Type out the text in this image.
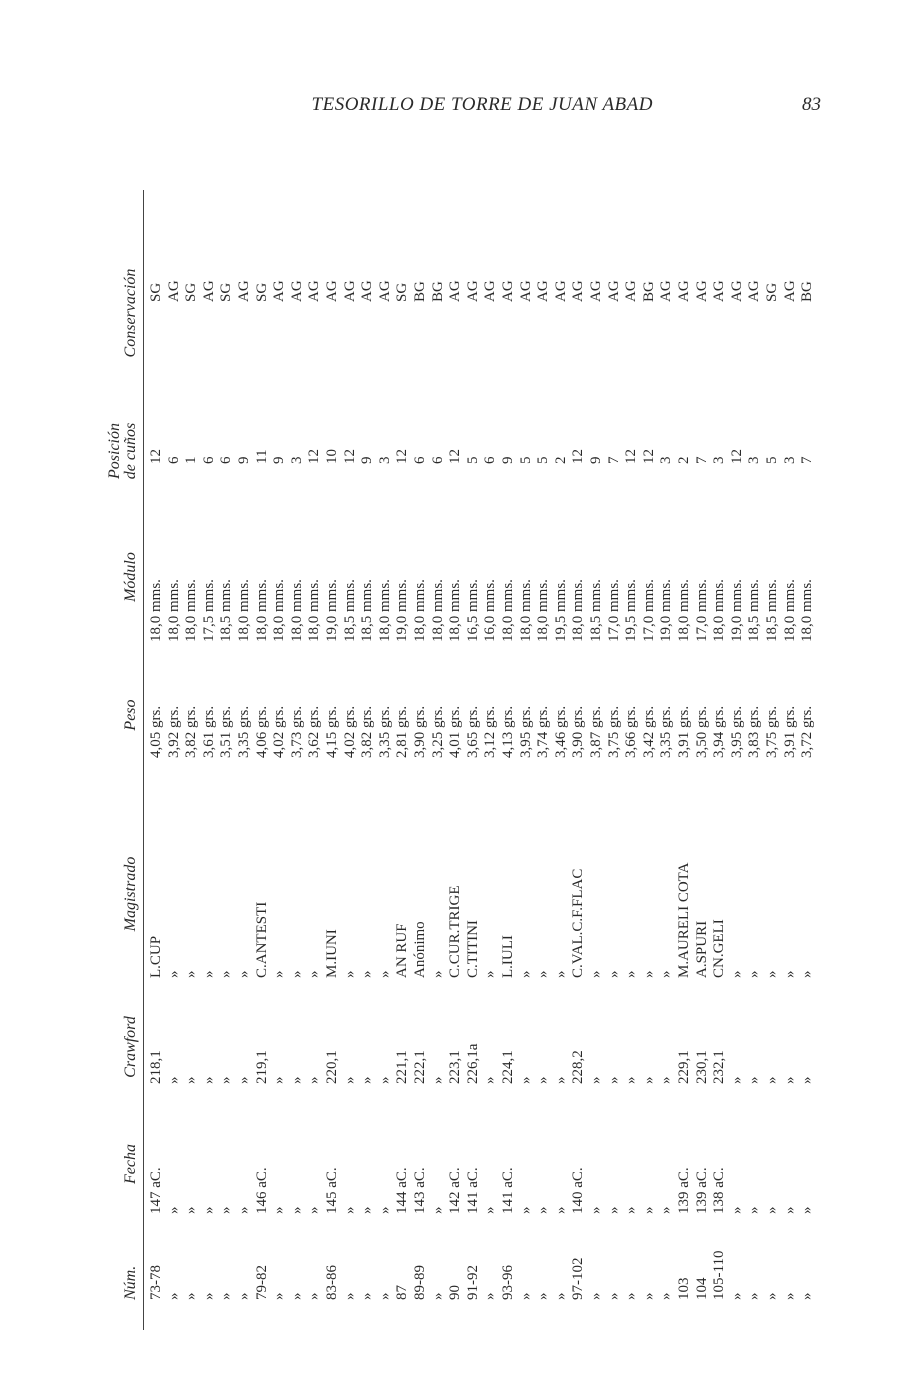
TESORILLO DE TORRE DE JUAN ABAD	83
Núm.
Fecha
Crawford
Magistrado
Peso
Módulo
Posición de cuños
Conservación
73-78
147 aC.
218,1
L.CUP
4,05 grs.
18,0 mms.
12
SG
»
»
»
»
3,92 grs.
18,0 mms.
6
AG
»
»
»
»
3,82 grs.
18,0 mms.
1
SG
»
»
»
»
3,61 grs.
17,5 mms.
6
AG
»
»
»
»
3,51 grs.
18,5 mms.
6
SG
»
»
»
»
3,35 grs.
18,0 mms.
9
AG
79-82
146 aC.
219,1
C.ANTESTI
4,06 grs.
18,0 mms.
11
SG
»
»
»
»
4,02 grs.
18,0 mms.
9
AG
»
»
»
»
3,73 grs.
18,0 mms.
3
AG
»
»
»
»
3,62 grs.
18,0 mms.
12
AG
83-86
145 aC.
220,1
M.IUNI
4,15 grs.
19,0 mms.
10
AG
»
»
»
»
4,02 grs.
18,5 mms.
12
AG
»
»
»
»
3,82 grs.
18,5 mms.
9
AG
»
»
»
»
3,35 grs.
18,0 mms.
3
AG
87
144 aC.
221,1
AN RUF
2,81 grs.
19,0 mms.
12
SG
89-89
143 aC.
222,1
Anónimo
3,90 grs.
18,0 mms.
6
BG
»
»
»
»
3,25 grs.
18,0 mms.
6
BG
90
142 aC.
223,1
C.CUR.TRIGE
4,01 grs.
18,0 mms.
12
AG
91-92
141 aC.
226,1a
C.TITINI
3,65 grs.
16,5 mms.
5
AG
»
»
»
»
3,12 grs.
16,0 mms.
6
AG
93-96
141 aC.
224,1
L.IULI
4,13 grs.
18,0 mms.
9
AG
»
»
»
»
3,95 grs.
18,0 mms.
5
AG
»
»
»
»
3,74 grs.
18,0 mms.
5
AG
»
»
»
»
3,46 grs.
19,5 mms.
2
AG
97-102
140 aC.
228,2
C.VAL.C.F.FLAC
3,90 grs.
18,0 mms.
12
AG
»
»
»
»
3,87 grs.
18,5 mms.
9
AG
»
»
»
»
3,75 grs.
17,0 mms.
7
AG
»
»
»
»
3,66 grs.
19,5 mms.
12
AG
»
»
»
»
3,42 grs.
17,0 mms.
12
BG
»
»
»
»
3,35 grs.
19,0 mms.
3
AG
103
139 aC.
229,1
M.AURELI COTA
3,91 grs.
18,0 mms.
2
AG
104
139 aC.
230,1
A.SPURI
3,50 grs.
17,0 mms.
7
AG
105-110
138 aC.
232,1
CN.GELI
3,94 grs.
18,0 mms.
3
AG
»
»
»
»
3,95 grs.
19,0 mms.
12
AG
»
»
»
»
3,83 grs.
18,5 mms.
3
AG
»
»
»
»
3,75 grs.
18,5 mms.
5
SG
»
»
»
»
3,91 grs.
18,0 mms.
3
AG
»
»
»
»
3,72 grs.
18,0 mms.
7
BG
